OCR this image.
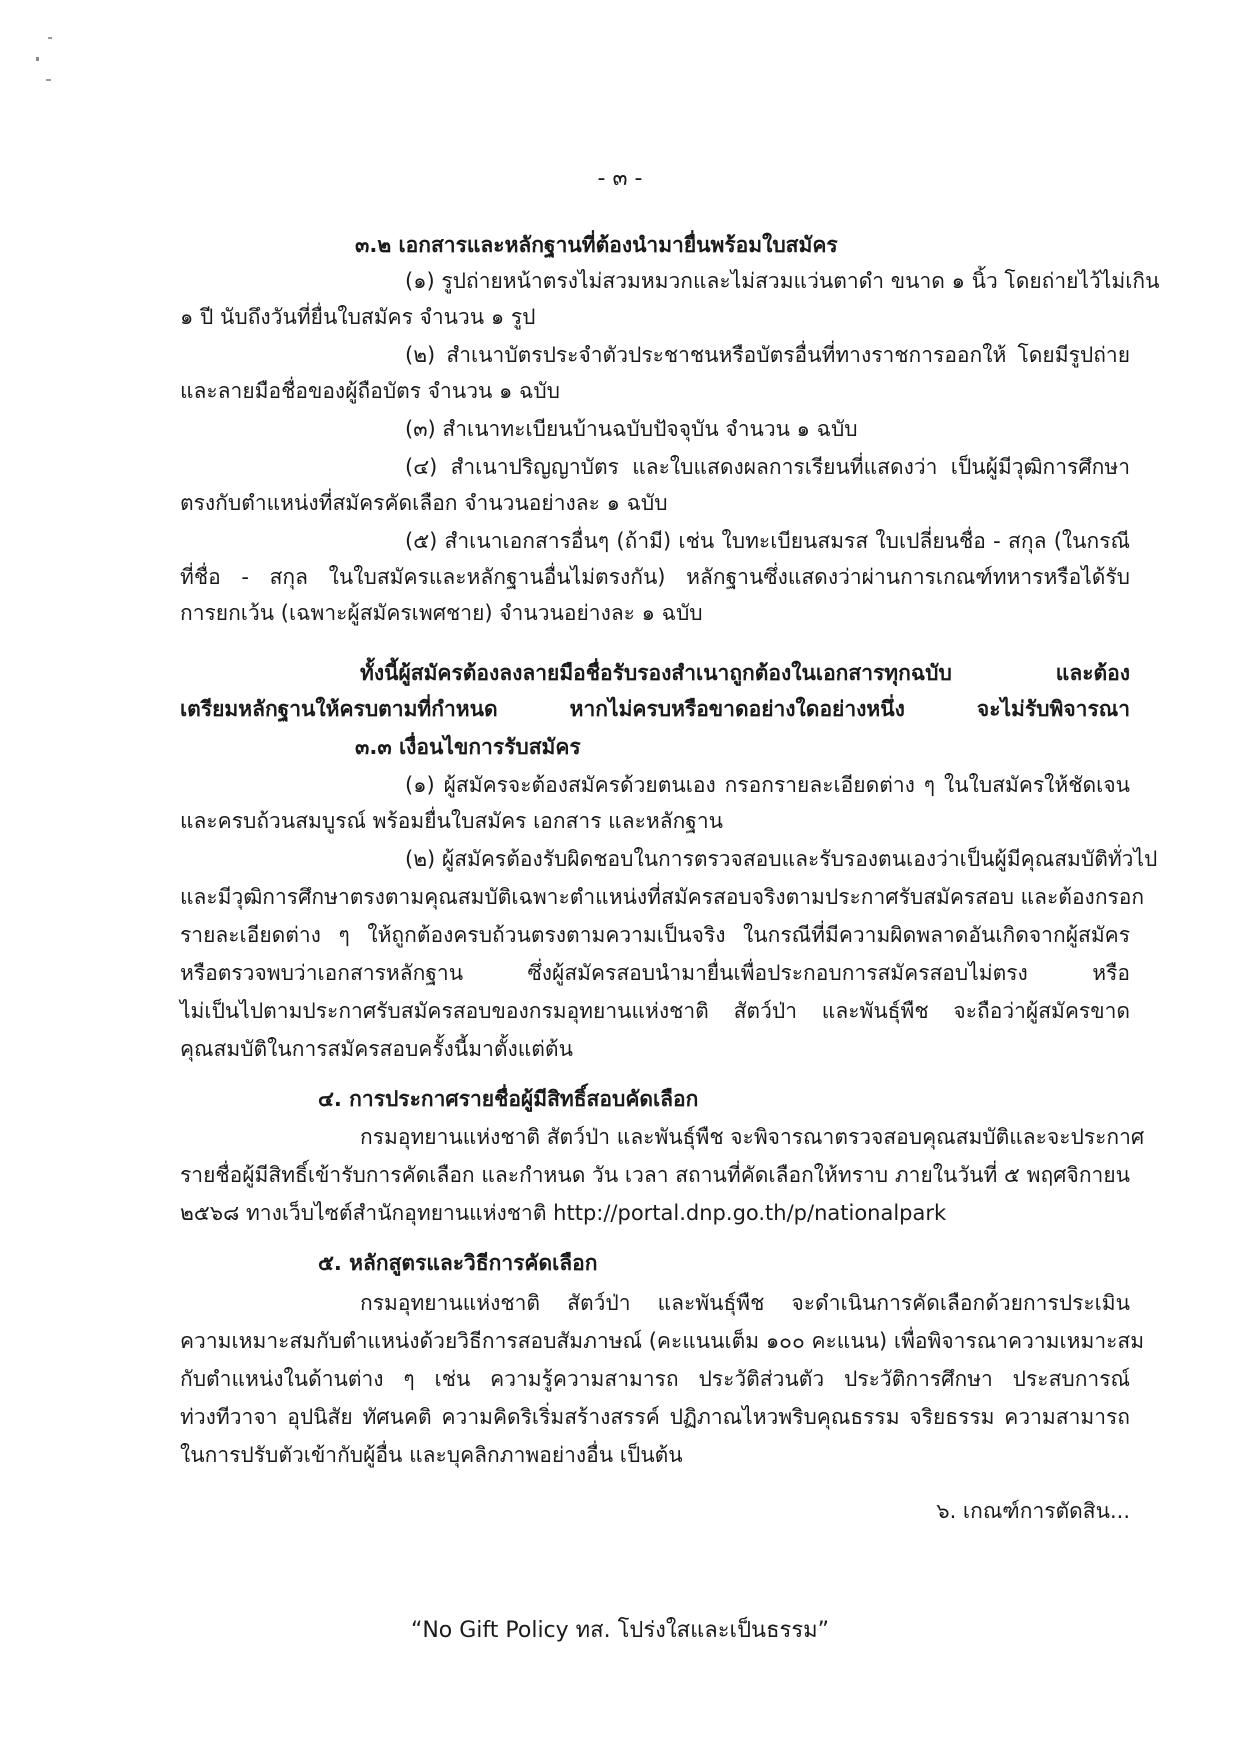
- ๓ -
๓.๒ เอกสารและหลักฐานที่ต้องนำมายื่นพร้อมใบสมัคร
(๑) รูปถ่ายหน้าตรงไม่สวมหมวกและไม่สวมแว่นตาดำ ขนาด ๑ นิ้ว โดยถ่ายไว้ไม่เกิน
๑ ปี นับถึงวันที่ยื่นใบสมัคร จำนวน ๑ รูป
(๒) สำเนาบัตรประจำตัวประชาชนหรือบัตรอื่นที่ทางราชการออกให้ โดยมีรูปถ่าย
และลายมือชื่อของผู้ถือบัตร จำนวน ๑ ฉบับ
(๓) สำเนาทะเบียนบ้านฉบับปัจจุบัน จำนวน ๑ ฉบับ
(๔) สำเนาปริญญาบัตร และใบแสดงผลการเรียนที่แสดงว่า เป็นผู้มีวุฒิการศึกษา
ตรงกับตำแหน่งที่สมัครคัดเลือก จำนวนอย่างละ ๑ ฉบับ
(๕) สำเนาเอกสารอื่นๆ (ถ้ามี) เช่น ใบทะเบียนสมรส ใบเปลี่ยนชื่อ - สกุล (ในกรณี
ที่ชื่อ - สกุล ในใบสมัครและหลักฐานอื่นไม่ตรงกัน) หลักฐานซึ่งแสดงว่าผ่านการเกณฑ์ทหารหรือได้รับ
การยกเว้น (เฉพาะผู้สมัครเพศชาย) จำนวนอย่างละ ๑ ฉบับ
ทั้งนี้ผู้สมัครต้องลงลายมือชื่อรับรองสำเนาถูกต้องในเอกสารทุกฉบับ และต้อง
เตรียมหลักฐานให้ครบตามที่กำหนด หากไม่ครบหรือขาดอย่างใดอย่างหนึ่ง จะไม่รับพิจารณา
๓.๓ เงื่อนไขการรับสมัคร
(๑) ผู้สมัครจะต้องสมัครด้วยตนเอง กรอกรายละเอียดต่าง ๆ ในใบสมัครให้ชัดเจน
และครบถ้วนสมบูรณ์ พร้อมยื่นใบสมัคร เอกสาร และหลักฐาน
(๒) ผู้สมัครต้องรับผิดชอบในการตรวจสอบและรับรองตนเองว่าเป็นผู้มีคุณสมบัติทั่วไป
และมีวุฒิการศึกษาตรงตามคุณสมบัติเฉพาะตำแหน่งที่สมัครสอบจริงตามประกาศรับสมัครสอบ และต้องกรอก
รายละเอียดต่าง ๆ ให้ถูกต้องครบถ้วนตรงตามความเป็นจริง ในกรณีที่มีความผิดพลาดอันเกิดจากผู้สมัคร
หรือตรวจพบว่าเอกสารหลักฐาน ซึ่งผู้สมัครสอบนำมายื่นเพื่อประกอบการสมัครสอบไม่ตรง หรือ
ไม่เป็นไปตามประกาศรับสมัครสอบของกรมอุทยานแห่งชาติ สัตว์ป่า และพันธุ์พืช จะถือว่าผู้สมัครขาด
คุณสมบัติในการสมัครสอบครั้งนี้มาตั้งแต่ต้น
๔. การประกาศรายชื่อผู้มีสิทธิ์สอบคัดเลือก
กรมอุทยานแห่งชาติ สัตว์ป่า และพันธุ์พืช จะพิจารณาตรวจสอบคุณสมบัติและจะประกาศ
รายชื่อผู้มีสิทธิ์เข้ารับการคัดเลือก และกำหนด วัน เวลา สถานที่คัดเลือกให้ทราบ ภายในวันที่ ๕ พฤศจิกายน
๒๕๖๘ ทางเว็บไซต์สำนักอุทยานแห่งชาติ http://portal.dnp.go.th/p/nationalpark
๕. หลักสูตรและวิธีการคัดเลือก
กรมอุทยานแห่งชาติ สัตว์ป่า และพันธุ์พืช จะดำเนินการคัดเลือกด้วยการประเมิน
ความเหมาะสมกับตำแหน่งด้วยวิธีการสอบสัมภาษณ์ (คะแนนเต็ม ๑๐๐ คะแนน) เพื่อพิจารณาความเหมาะสม
กับตำแหน่งในด้านต่าง ๆ เช่น ความรู้ความสามารถ ประวัติส่วนตัว ประวัติการศึกษา ประสบการณ์
ท่วงทีวาจา อุปนิสัย ทัศนคติ ความคิดริเริ่มสร้างสรรค์ ปฏิภาณไหวพริบคุณธรรม จริยธรรม ความสามารถ
ในการปรับตัวเข้ากับผู้อื่น และบุคลิกภาพอย่างอื่น เป็นต้น
๖. เกณฑ์การตัดสิน...
“No Gift Policy ทส. โปร่งใสและเป็นธรรม”
